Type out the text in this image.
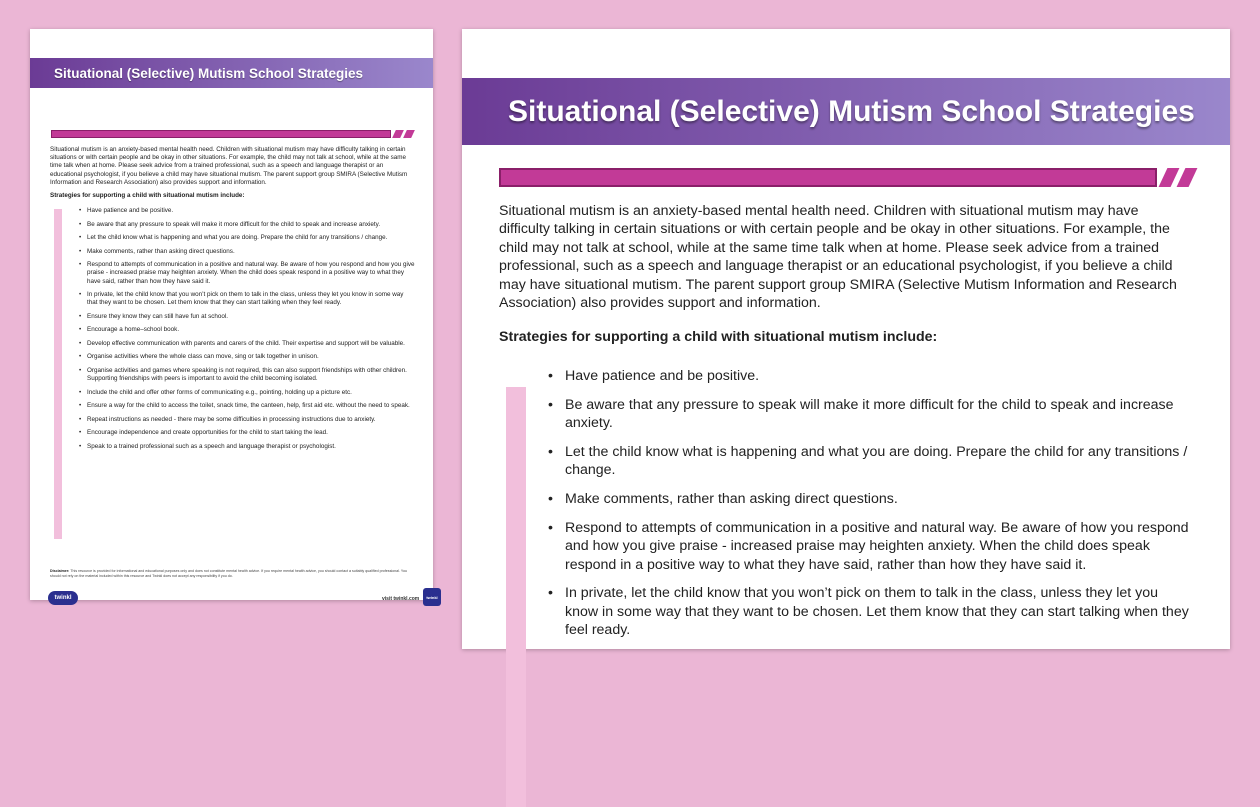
Situational (Selective) Mutism School Strategies

Situational mutism is an anxiety-based mental health need. Children with situational mutism may have difficulty talking in certain situations or with certain people and be okay in other situations. For example, the child may not talk at school, while at the same time talk when at home. Please seek advice from a trained professional, such as a speech and language therapist or an educational psychologist, if you believe a child may have situational mutism. The parent support group SMIRA (Selective Mutism Information and Research Association) also provides support and information.

Strategies for supporting a child with situational mutism include:

• Have patience and be positive.
• Be aware that any pressure to speak will make it more difficult for the child to speak and increase anxiety.
• Let the child know what is happening and what you are doing. Prepare the child for any transitions / change.
• Make comments, rather than asking direct questions.
• Respond to attempts of communication in a positive and natural way. Be aware of how you respond and how you give praise - increased praise may heighten anxiety. When the child does speak respond in a positive way to what they have said, rather than how they have said it.
• In private, let the child know that you won’t pick on them to talk in the class, unless they let you know in some way that they want to be chosen. Let them know that they can start talking when they feel ready.
• Ensure they know they can still have fun at school.
• Encourage a home–school book.
• Develop effective communication with parents and carers of the child. Their expertise and support will be valuable.
• Organise activities where the whole class can move, sing or talk together in unison.
• Organise activities and games where speaking is not required, this can also support friendships with other children. Supporting friendships with peers is important to avoid the child becoming isolated.
• Include the child and offer other forms of communicating e.g., pointing, holding up a picture etc.
• Ensure a way for the child to access the toilet, snack time, the canteen, help, first aid etc. without the need to speak.
• Repeat instructions as needed - there may be some difficulties in processing instructions due to anxiety.
• Encourage independence and create opportunities for the child to start taking the lead.
• Speak to a trained professional such as a speech and language therapist or psychologist.
Disclaimer: This resource is provided for informational and educational purposes only and does not constitute mental health advice. If you require mental health advice, you should contact a suitably qualified professional. You should not rely on the material included within this resource and Twinkl does not accept any responsibility if you do.
twinkl	visit twinkl.com	twinkl
Situational (Selective) Mutism School Strategies

Situational mutism is an anxiety-based mental health need. Children with situational mutism may have difficulty talking in certain situations or with certain people and be okay in other situations. For example, the child may not talk at school, while at the same time talk when at home. Please seek advice from a trained professional, such as a speech and language therapist or an educational psychologist, if you believe a child may have situational mutism. The parent support group SMIRA (Selective Mutism Information and Research Association) also provides support and information.

Strategies for supporting a child with situational mutism include:

• Have patience and be positive.
• Be aware that any pressure to speak will make it more difficult for the child to speak and increase anxiety.
• Let the child know what is happening and what you are doing. Prepare the child for any transitions / change.
• Make comments, rather than asking direct questions.
• Respond to attempts of communication in a positive and natural way. Be aware of how you respond and how you give praise - increased praise may heighten anxiety. When the child does speak respond in a positive way to what they have said, rather than how they have said it.
• In private, let the child know that you won’t pick on them to talk in the class, unless they let you know in some way that they want to be chosen. Let them know that they can start talking when they feel ready.
